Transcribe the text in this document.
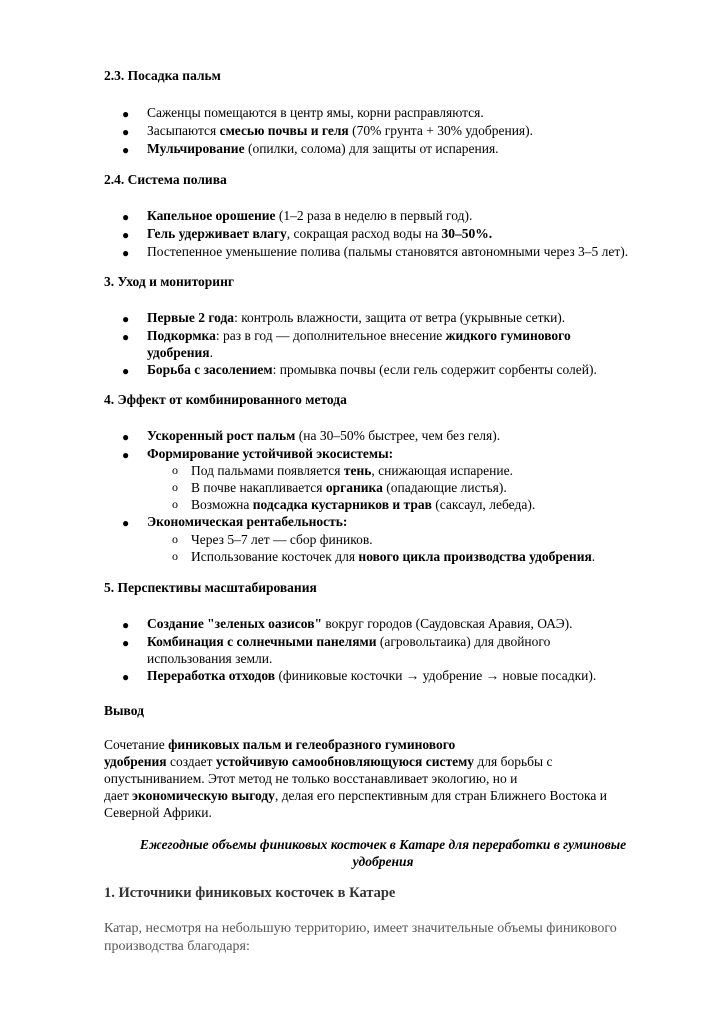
2.3. Посадка пальм
● Саженцы помещаются в центр ямы, корни расправляются.
● Засыпаются смесью почвы и геля (70% грунта + 30% удобрения).
● Мульчирование (опилки, солома) для защиты от испарения.
2.4. Система полива
● Капельное орошение (1–2 раза в неделю в первый год).
● Гель удерживает влагу, сокращая расход воды на 30–50%.
● Постепенное уменьшение полива (пальмы становятся автономными через 3–5 лет).
3. Уход и мониторинг
● Первые 2 года: контроль влажности, защита от ветра (укрывные сетки).
● Подкормка: раз в год — дополнительное внесение жидкого гуминового
удобрения.
● Борьба с засолением: промывка почвы (если гель содержит сорбенты солей).
4. Эффект от комбинированного метода
● Ускоренный рост пальм (на 30–50% быстрее, чем без геля).
● Формирование устойчивой экосистемы:
o Под пальмами появляется тень, снижающая испарение.
o В почве накапливается органика (опадающие листья).
o Возможна подсадка кустарников и трав (саксаул, лебеда).
● Экономическая рентабельность:
o Через 5–7 лет — сбор фиников.
o Использование косточек для нового цикла производства удобрения.
5. Перспективы масштабирования
● Создание "зеленых оазисов" вокруг городов (Саудовская Аравия, ОАЭ).
● Комбинация с солнечными панелями (агровольтаика) для двойного
использования земли.
● Переработка отходов (финиковые косточки → удобрение → новые посадки).
Вывод
Сочетание финиковых пальм и гелеобразного гуминового
удобрения создает устойчивую самообновляющуюся систему для борьбы с
опустыниванием. Этот метод не только восстанавливает экологию, но и
дает экономическую выгоду, делая его перспективным для стран Ближнего Востока и
Северной Африки.
Ежегодные объемы финиковых косточек в Катаре для переработки в гуминовые
удобрения
1. Источники финиковых косточек в Катаре
Катар, несмотря на небольшую территорию, имеет значительные объемы финикового
производства благодаря:
